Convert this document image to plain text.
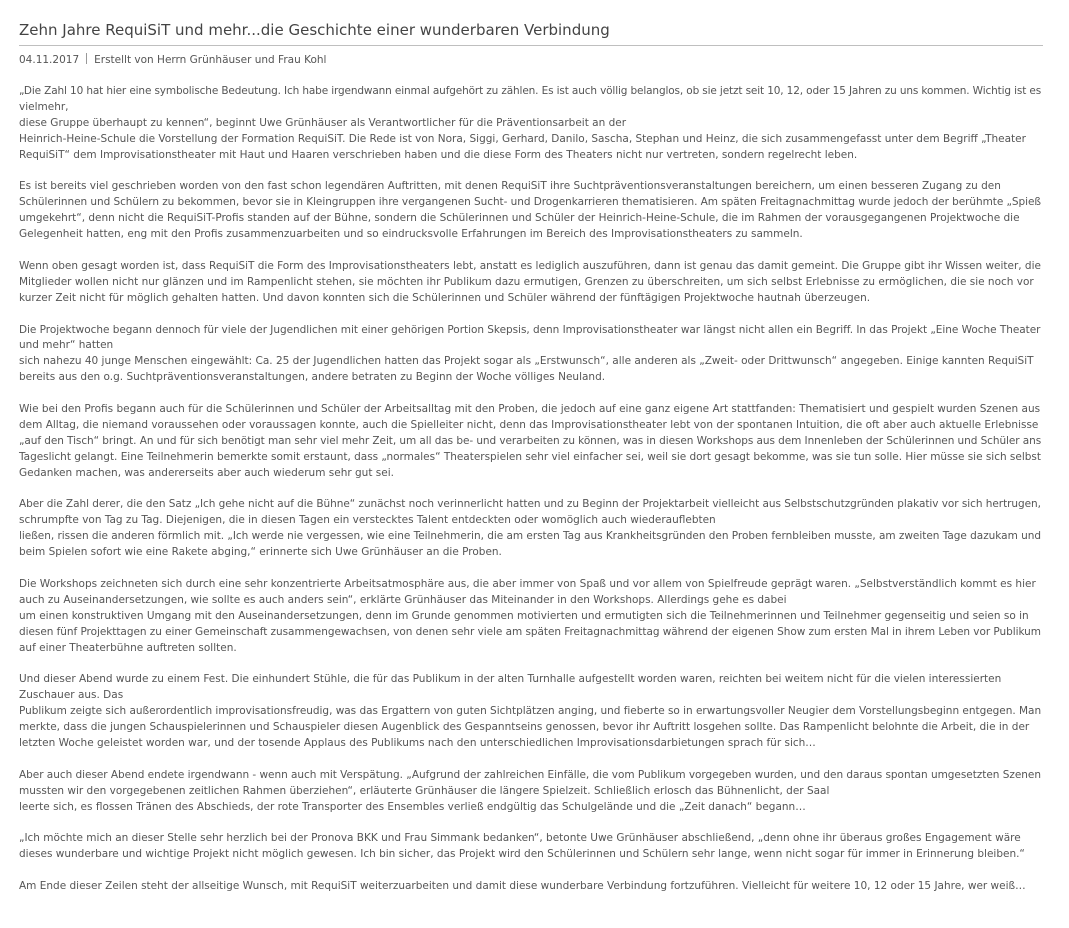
Zehn Jahre RequiSiT und mehr...die Geschichte einer wunderbaren Verbindung
04.11.2017 Erstellt von Herrn Grünhäuser und Frau Kohl

„Die Zahl 10 hat hier eine symbolische Bedeutung. Ich habe irgendwann einmal aufgehört zu zählen. Es ist auch völlig belanglos, ob sie jetzt seit 10, 12, oder 15 Jahren zu uns kommen. Wichtig ist es
vielmehr,
diese Gruppe überhaupt zu kennen“, beginnt Uwe Grünhäuser als Verantwortlicher für die Präventionsarbeit an der
Heinrich-Heine-Schule die Vorstellung der Formation RequiSiT. Die Rede ist von Nora, Siggi, Gerhard, Danilo, Sascha, Stephan und Heinz, die sich zusammengefasst unter dem Begriff „Theater
RequiSiT“ dem Improvisationstheater mit Haut und Haaren verschrieben haben und die diese Form des Theaters nicht nur vertreten, sondern regelrecht leben.

Es ist bereits viel geschrieben worden von den fast schon legendären Auftritten, mit denen RequiSiT ihre Suchtpräventionsveranstaltungen bereichern, um einen besseren Zugang zu den
Schülerinnen und Schülern zu bekommen, bevor sie in Kleingruppen ihre vergangenen Sucht- und Drogenkarrieren thematisieren. Am späten Freitagnachmittag wurde jedoch der berühmte „Spieß
umgekehrt“, denn nicht die RequiSiT-Profis standen auf der Bühne, sondern die Schülerinnen und Schüler der Heinrich-Heine-Schule, die im Rahmen der vorausgegangenen Projektwoche die
Gelegenheit hatten, eng mit den Profis zusammenzuarbeiten und so eindrucksvolle Erfahrungen im Bereich des Improvisationstheaters zu sammeln.

Wenn oben gesagt worden ist, dass RequiSiT die Form des Improvisationstheaters lebt, anstatt es lediglich auszuführen, dann ist genau das damit gemeint. Die Gruppe gibt ihr Wissen weiter, die
Mitglieder wollen nicht nur glänzen und im Rampenlicht stehen, sie möchten ihr Publikum dazu ermutigen, Grenzen zu überschreiten, um sich selbst Erlebnisse zu ermöglichen, die sie noch vor
kurzer Zeit nicht für möglich gehalten hatten. Und davon konnten sich die Schülerinnen und Schüler während der fünftägigen Projektwoche hautnah überzeugen.

Die Projektwoche begann dennoch für viele der Jugendlichen mit einer gehörigen Portion Skepsis, denn Improvisationstheater war längst nicht allen ein Begriff. In das Projekt „Eine Woche Theater
und mehr“ hatten
sich nahezu 40 junge Menschen eingewählt: Ca. 25 der Jugendlichen hatten das Projekt sogar als „Erstwunsch“, alle anderen als „Zweit- oder Drittwunsch“ angegeben. Einige kannten RequiSiT
bereits aus den o.g. Suchtpräventionsveranstaltungen, andere betraten zu Beginn der Woche völliges Neuland.

Wie bei den Profis begann auch für die Schülerinnen und Schüler der Arbeitsalltag mit den Proben, die jedoch auf eine ganz eigene Art stattfanden: Thematisiert und gespielt wurden Szenen aus
dem Alltag, die niemand voraussehen oder voraussagen konnte, auch die Spielleiter nicht, denn das Improvisationstheater lebt von der spontanen Intuition, die oft aber auch aktuelle Erlebnisse
„auf den Tisch“ bringt. An und für sich benötigt man sehr viel mehr Zeit, um all das be- und verarbeiten zu können, was in diesen Workshops aus dem Innenleben der Schülerinnen und Schüler ans
Tageslicht gelangt. Eine Teilnehmerin bemerkte somit erstaunt, dass „normales“ Theaterspielen sehr viel einfacher sei, weil sie dort gesagt bekomme, was sie tun solle. Hier müsse sie sich selbst
Gedanken machen, was andererseits aber auch wiederum sehr gut sei.

Aber die Zahl derer, die den Satz „Ich gehe nicht auf die Bühne“ zunächst noch verinnerlicht hatten und zu Beginn der Projektarbeit vielleicht aus Selbstschutzgründen plakativ vor sich hertrugen,
schrumpfte von Tag zu Tag. Diejenigen, die in diesen Tagen ein verstecktes Talent entdeckten oder womöglich auch wiederauflebten
ließen, rissen die anderen förmlich mit. „Ich werde nie vergessen, wie eine Teilnehmerin, die am ersten Tag aus Krankheitsgründen den Proben fernbleiben musste, am zweiten Tage dazukam und
beim Spielen sofort wie eine Rakete abging,“ erinnerte sich Uwe Grünhäuser an die Proben.

Die Workshops zeichneten sich durch eine sehr konzentrierte Arbeitsatmosphäre aus, die aber immer von Spaß und vor allem von Spielfreude geprägt waren. „Selbstverständlich kommt es hier
auch zu Auseinandersetzungen, wie sollte es auch anders sein“, erklärte Grünhäuser das Miteinander in den Workshops. Allerdings gehe es dabei
um einen konstruktiven Umgang mit den Auseinandersetzungen, denn im Grunde genommen motivierten und ermutigten sich die Teilnehmerinnen und Teilnehmer gegenseitig und seien so in
diesen fünf Projekttagen zu einer Gemeinschaft zusammengewachsen, von denen sehr viele am späten Freitagnachmittag während der eigenen Show zum ersten Mal in ihrem Leben vor Publikum
auf einer Theaterbühne auftreten sollten.

Und dieser Abend wurde zu einem Fest. Die einhundert Stühle, die für das Publikum in der alten Turnhalle aufgestellt worden waren, reichten bei weitem nicht für die vielen interessierten
Zuschauer aus. Das
Publikum zeigte sich außerordentlich improvisationsfreudig, was das Ergattern von guten Sichtplätzen anging, und fieberte so in erwartungsvoller Neugier dem Vorstellungsbeginn entgegen. Man
merkte, dass die jungen Schauspielerinnen und Schauspieler diesen Augenblick des Gespanntseins genossen, bevor ihr Auftritt losgehen sollte. Das Rampenlicht belohnte die Arbeit, die in der
letzten Woche geleistet worden war, und der tosende Applaus des Publikums nach den unterschiedlichen Improvisationsdarbietungen sprach für sich…

Aber auch dieser Abend endete irgendwann - wenn auch mit Verspätung. „Aufgrund der zahlreichen Einfälle, die vom Publikum vorgegeben wurden, und den daraus spontan umgesetzten Szenen
mussten wir den vorgegebenen zeitlichen Rahmen überziehen“, erläuterte Grünhäuser die längere Spielzeit. Schließlich erlosch das Bühnenlicht, der Saal
leerte sich, es flossen Tränen des Abschieds, der rote Transporter des Ensembles verließ endgültig das Schulgelände und die „Zeit danach“ begann…

„Ich möchte mich an dieser Stelle sehr herzlich bei der Pronova BKK und Frau Simmank bedanken“, betonte Uwe Grünhäuser abschließend, „denn ohne ihr überaus großes Engagement wäre
dieses wunderbare und wichtige Projekt nicht möglich gewesen. Ich bin sicher, das Projekt wird den Schülerinnen und Schülern sehr lange, wenn nicht sogar für immer in Erinnerung bleiben.“

Am Ende dieser Zeilen steht der allseitige Wunsch, mit RequiSiT weiterzuarbeiten und damit diese wunderbare Verbindung fortzuführen. Vielleicht für weitere 10, 12 oder 15 Jahre, wer weiß…
